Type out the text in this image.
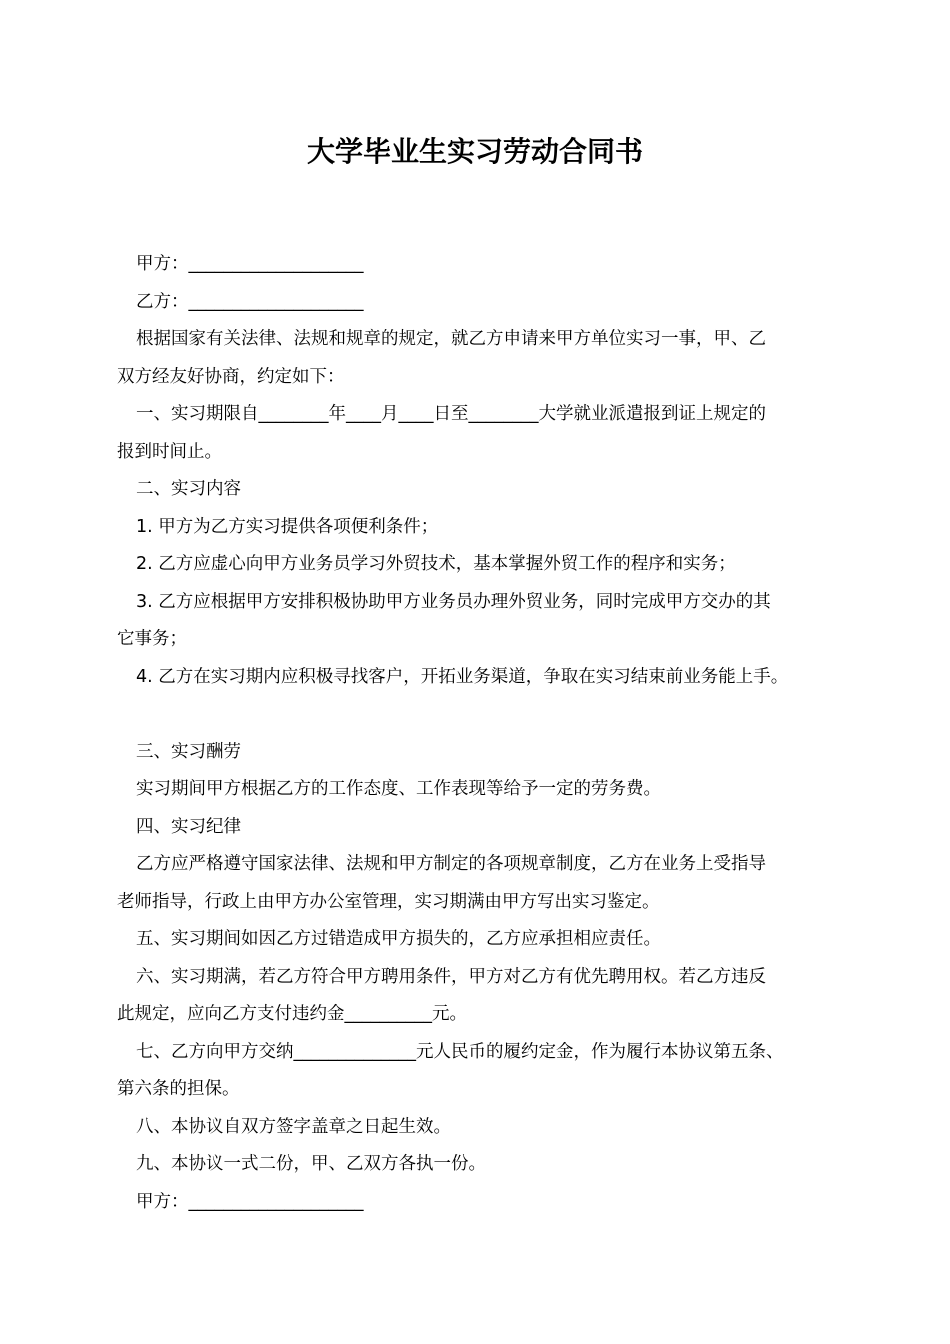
大学毕业生实习劳动合同书
甲方：____________________
乙方：____________________
根据国家有关法律、法规和规章的规定，就乙方申请来甲方单位实习一事，甲、乙
双方经友好协商，约定如下：
一、实习期限自________年____月____日至________大学就业派遣报到证上规定的
报到时间止。
二、实习内容
1. 甲方为乙方实习提供各项便利条件；
2. 乙方应虚心向甲方业务员学习外贸技术，基本掌握外贸工作的程序和实务；
3. 乙方应根据甲方安排积极协助甲方业务员办理外贸业务，同时完成甲方交办的其
它事务；
4. 乙方在实习期内应积极寻找客户，开拓业务渠道，争取在实习结束前业务能上手。
三、实习酬劳
实习期间甲方根据乙方的工作态度、工作表现等给予一定的劳务费。
四、实习纪律
乙方应严格遵守国家法律、法规和甲方制定的各项规章制度，乙方在业务上受指导
老师指导，行政上由甲方办公室管理，实习期满由甲方写出实习鉴定。
五、实习期间如因乙方过错造成甲方损失的，乙方应承担相应责任。
六、实习期满，若乙方符合甲方聘用条件，甲方对乙方有优先聘用权。若乙方违反
此规定，应向乙方支付违约金__________元。
七、乙方向甲方交纳______________元人民币的履约定金，作为履行本协议第五条、
第六条的担保。
八、本协议自双方签字盖章之日起生效。
九、本协议一式二份，甲、乙双方各执一份。
甲方：____________________
